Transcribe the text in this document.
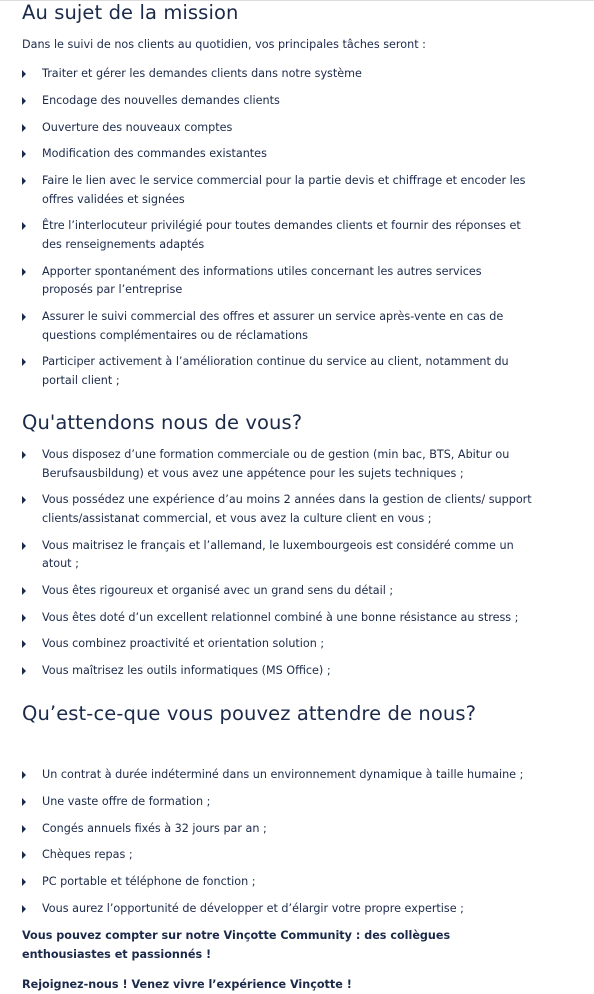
Au sujet de la mission

Dans le suivi de nos clients au quotidien, vos principales tâches seront :

Traiter et gérer les demandes clients dans notre système
Encodage des nouvelles demandes clients
Ouverture des nouveaux comptes
Modification des commandes existantes
Faire le lien avec le service commercial pour la partie devis et chiffrage et encoder les offres validées et signées
Être l’interlocuteur privilégié pour toutes demandes clients et fournir des réponses et des renseignements adaptés
Apporter spontanément des informations utiles concernant les autres services proposés par l’entreprise
Assurer le suivi commercial des offres et assurer un service après-vente en cas de questions complémentaires ou de réclamations
Participer activement à l’amélioration continue du service au client, notamment du portail client ;
Qu'attendons nous de vous?
Vous disposez d’une formation commerciale ou de gestion (min bac, BTS, Abitur ou Berufsausbildung) et vous avez une appétence pour les sujets techniques ;
Vous possédez une expérience d’au moins 2 années dans la gestion de clients/ support clients/assistanat commercial, et vous avez la culture client en vous ;
Vous maitrisez le français et l’allemand, le luxembourgeois est considéré comme un atout ;
Vous êtes rigoureux et organisé avec un grand sens du détail ;
Vous êtes doté d’un excellent relationnel combiné à une bonne résistance au stress ;
Vous combinez proactivité et orientation solution ;
Vous maîtrisez les outils informatiques (MS Office) ;
Qu’est-ce-que vous pouvez attendre de nous?
Un contrat à durée indéterminé dans un environnement dynamique à taille humaine ;
Une vaste offre de formation ;
Congés annuels fixés à 32 jours par an ;
Chèques repas ;
PC portable et téléphone de fonction ;
Vous aurez l’opportunité de développer et d’élargir votre propre expertise ;

Vous pouvez compter sur notre Vinçotte Community : des collègues enthousiastes et passionnés !

Rejoignez-nous ! Venez vivre l’expérience Vinçotte !
